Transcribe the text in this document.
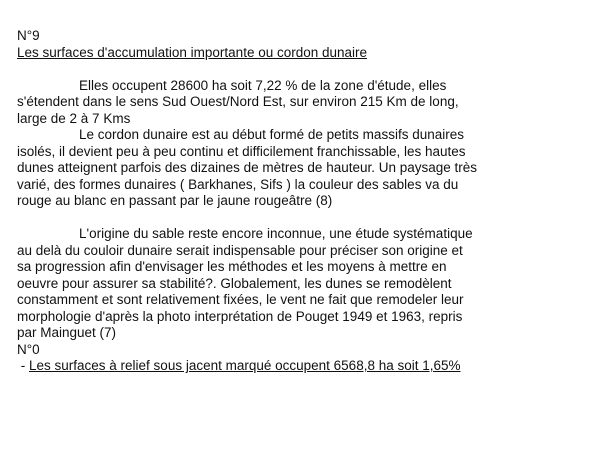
N°9
Les surfaces d'accumulation importante ou cordon dunaire
Elles occupent 28600 ha soit 7,22 % de la zone d'étude, elles
s'étendent dans le sens Sud Ouest/Nord Est, sur environ 215 Km de long,
large de 2 à 7 Kms
Le cordon dunaire est au début formé de petits massifs dunaires
isolés, il devient peu à peu continu et difficilement franchissable, les hautes
dunes atteignent parfois des dizaines de mètres de hauteur. Un paysage très
varié, des formes dunaires ( Barkhanes, Sifs ) la couleur des sables va du
rouge au blanc en passant par le jaune rougeâtre (8)
L'origine du sable reste encore inconnue, une étude systématique
au delà du couloir dunaire serait indispensable pour préciser son origine et
sa progression afin d'envisager les méthodes et les moyens à mettre en
oeuvre pour assurer sa stabilité?. Globalement, les dunes se remodèlent
constamment et sont relativement fixées, le vent ne fait que remodeler leur
morphologie d'après la photo interprétation de Pouget 1949 et 1963, repris
par Mainguet (7)
N°0
- Les surfaces à relief sous jacent marqué occupent 6568,8 ha soit 1,65%
